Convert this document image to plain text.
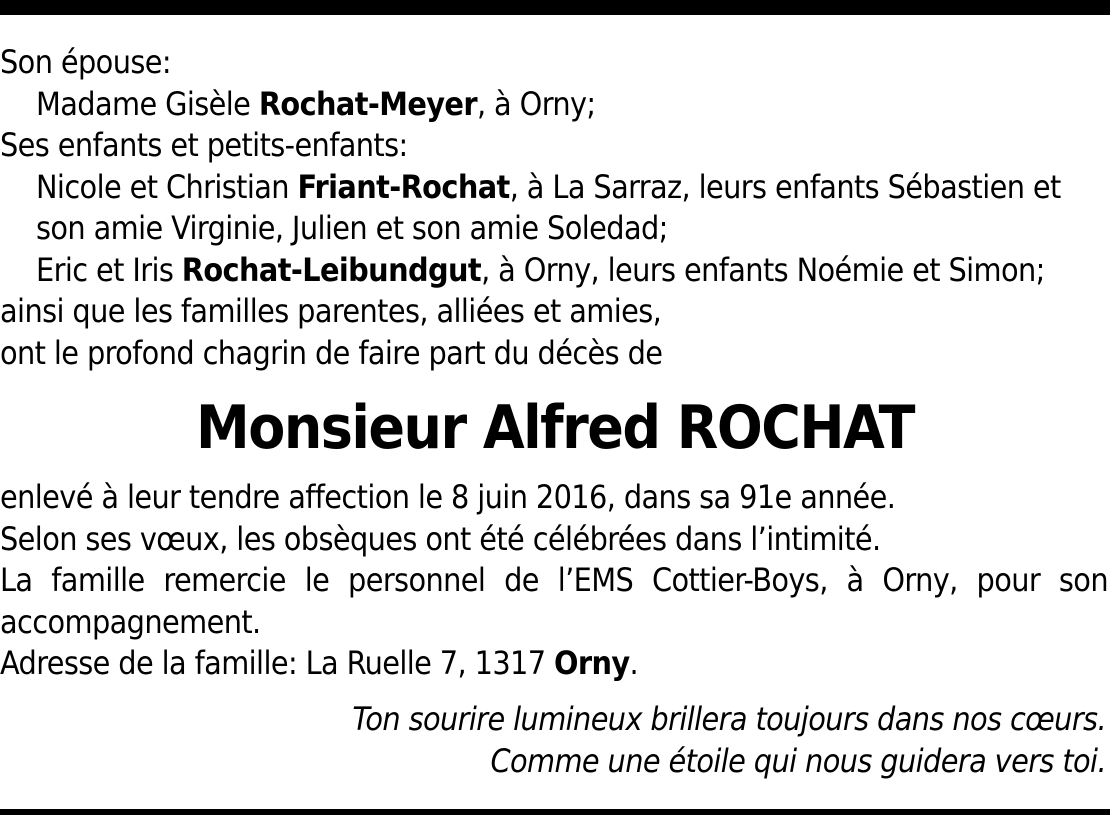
Son épouse:
Madame Gisèle Rochat-Meyer, à Orny;
Ses enfants et petits-enfants:
Nicole et Christian Friant-Rochat, à La Sarraz, leurs enfants Sébastien et
son amie Virginie, Julien et son amie Soledad;
Eric et Iris Rochat-Leibundgut, à Orny, leurs enfants Noémie et Simon;
ainsi que les familles parentes, alliées et amies,
ont le profond chagrin de faire part du décès de
Monsieur Alfred ROCHAT
enlevé à leur tendre affection le 8 juin 2016, dans sa 91e année.
Selon ses vœux, les obsèques ont été célébrées dans l’intimité.
La famille remercie le personnel de l’EMS Cottier-Boys, à Orny, pour son
accompagnement.
Adresse de la famille: La Ruelle 7, 1317 Orny.
Ton sourire lumineux brillera toujours dans nos cœurs.
Comme une étoile qui nous guidera vers toi.
